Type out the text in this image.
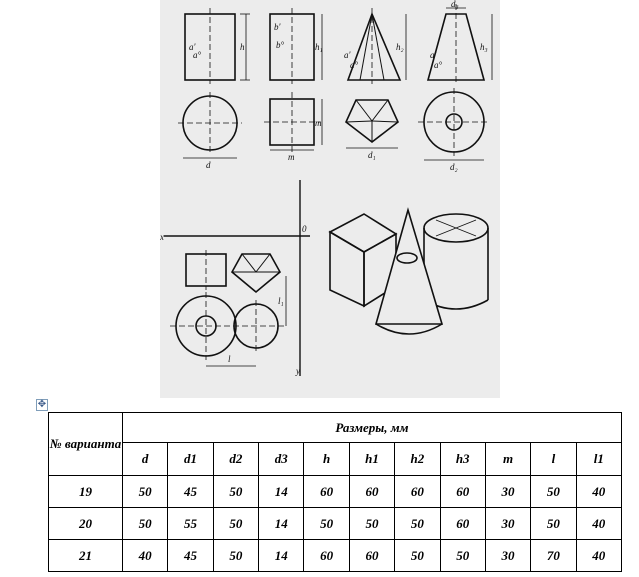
h
a'
a°
h₁
b'
b°	h₂
a'
a°
d₃
h₃
a'
a°
d
m
m
d₁
d₂
x
y
0
l₁
l
✥
№ варианта	Размеры, мм										
	d	d1	d2	d3	h	h1	h2	h3	m	l	l1
19	50	45	50	14	60	60	60	60	30	50	40
20	50	55	50	14	50	50	50	60	30	50	40
21	40	45	50	14	60	60	50	50	30	70	40
